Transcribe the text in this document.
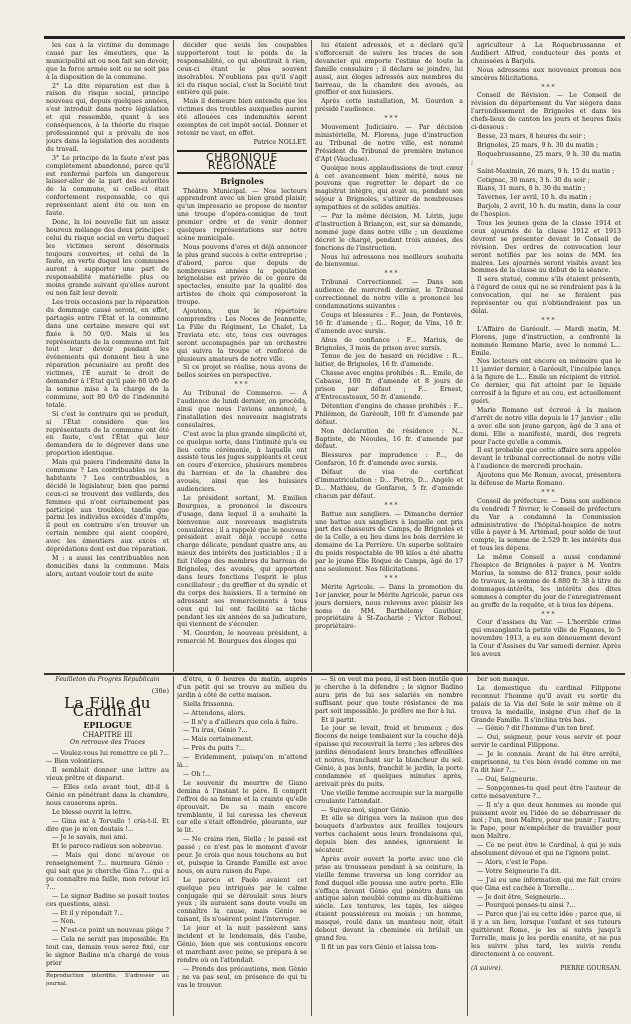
les cas à la victime du dommage causé par les émeutiers, que la municipalité ait ou non fait son devoir, que la force armée soit ou ne soit pas à la disposition de la commune.

2° La dite réparation est due à raison du risque social, principe nouveau qui, depuis quelques années, s'est introduit dans notre législation et qui ressemble, quant à ses conséquences, à la théorie du risque professionnel qui a prévalu de nos jours dans la législation des accidents du travail.

3° Le principe de la faute n'est pas complètement abandonné, parce qu'il est renfermé parfois un dangereux laisser-aller de la part des autorités de la commune, si celle-ci était confortement responsable, ce qui représentant aient été ou non en faute.

Donc, la loi nouvelle fait un assez heureux mélange des deux principes : celui du risque social en vertu duquel les victimes seront désormais toujours couvertes, et celui de la faute, en vertu duquel les communes auront à supporter une part de responsabilité matérielle plus ou moins grande suivant qu'elles auront ou non fait leur devoir.

Les trois occasions par la réparation du dommage causé seront, en effet, partagés entre l'État et la commune dans une certaine mesure qui est fixée à 50 0/0. Mais si les représentants de la commune ont fait tout leur devoir pendant les événements qui donnent lieu à une réparation pécuniaire au profit des victimes, l'É aurait le droit de demander à l'État qu'il paie 60 0/0 de la somme mise à la charge de la commune, soit 80 0/0 de l'indemnité totale.

Si c'est le contraire qui se produit, si l'État considère que les représentants de la commune ont été en faute, c'est l'État qui leur demandera de le dégrever dans une proportion identique.

Mais qui paiera l'indemnité dans la commune ? Les contribuables ou les habitants ? Les contribuables, a décidé le législateur, bien que parmi ceux-ci se trouvent des veillards, des femmes qui n'ont certainement pas participé aux troubles, tandis que parmi les individus excédés d'impôts, il peut en contraire s'en trouver un certain nombre qui aient coopéré, avec les émeutiers aux excès et déprédations dont est due réparation.

M : a aussi les contribuables non domiciliés dans la commune. Mais alors, autant vouloir tout de suite

décider que seuls les coupables supporteront tout le poids de la responsabilité, ce qui aboutirait à rien, ceux-ci étant le plus souvent insolvables. N'oublions pas qu'il s'agit ici du risque social, c'est la Société tout entière qui paie.

Mais il demeure bien entendu que les victimes des troubles auxquelles auront été allouées ces indemnités seront exemptes de cet impôt social. Donner et retenir ne vaut, en effet.

Patrice NOLLET.
CHRONIQUE RÉGIONALE
Brignoles

Théâtre Municipal. — Nos lecteurs apprendront avec un bien grand plaisir, qu'un impresario se propose de monter une troupe d'opéra-comique de tout premier ordre et de venir donner quelques représentations sur notre scène municipale.

Nous pouvons d'ores et déjà annoncer le plus grand succès à cette entreprise ; d'abord, parce que depuis de nombreuses années la population brignolaise est privée de ce genre de spectacles, ensuite par la qualité des artistes de choix qui composeront la troupe.

Ajoutons, que le répertoire comprendra : Les Noces de Jeannette, La Fille du Régiment, Le Chalet, La Traviata etc. etc, tous ces ouvrages seront accompagnés par un orchestre qui suivra la troupe et renforcé de plusieurs amateurs de notre ville.

Si ce projet se réalise, nous avons de belles soirées en perspective.

***

Au Tribunal de Commerce. — A l'audience de lundi dernier, on procéda, ainsi que nous l'avions annoncé, à l'installation des nouveaux magistrats consulaires.

C'est avec la plus grande simplicité et, ce quelque sorte, dans l'intimité qu'a eu lieu cette cérémonie, à laquelle ont assisté tous les juges suppléants et ceux en cours d'exercice, plusieurs membres du barreau et de la chambre des avoués, ainsi que les huissiers audienciers.

Le président sortant, M. Emilien Bourgues, a prononcé le discours d'usage, dans lequel il a souhaité la bienvenue aux nouveaux magistrats consulaires ; il a rappelé que le nouveau président avait déjà occupé cette charge délicate, pendant quatre ans, au mieux des intérêts des justiciables ; il a fait l'éloge des membres du barreau de Brignoles, des avoués, qui apportent dans leurs fonctions l'esprit le plus conciliateur ; du greffier et du syndic et du corps des huissiers. Il a terminé en adressant ses remerciements à tous ceux qui lui ont facilité sa tâche pendant les six années de sa judicature, qui viennent de s'écouler.

M. Gourdon, le nouveau président, a remercié M. Bourgues des éloges qui

lui étaient adressés, et a déclaré qu'il s'efforcerait de suivre les traces de son devancier qui emporte l'estime de toute la famille consulaire ; il déclare se joindre, lui aussi, aux éloges adressés aux membres du barreau, de la chambre des avoués, au greffier et aux huissiers.

Après cette installation, M. Gourdon a présidé l'audience.

***

Mouvement Judiciaire. — Par décision ministérielle, M. Florens, juge d'instruction au Tribunal de notre ville, est nommé Président du Tribunal de première instance d'Apt (Vaucluse).

Quoique nous applaudissions de tout cœur à cet avancement bien mérité, nous ne pouvons que regretter le départ de ce magistrat intègre, qui avait su, pendant son séjour à Brignoles, s'attirer de nombreuses sympathies et de solides amitiés.

— Par la même décision, M. Lérin, juge d'instruction à Briançon, est, sur sa demande, nommé juge dans notre ville ; un deuxième décret le chargé, pendant trois années, des fonctions de l'instruction.

Nous lui adressons nos meilleurs souhaits de bienvenue.

***

Tribunal Correctionnel. — Dans son audience de mercredi dernier, le Tribunal correctionnel de notre ville a prononcé les condamnations suivantes :

Coups et blessures : F... Jean, de Pontevès, 16 fr. d'amende ; G... Roger, de Vins, 16 fr. d'amende avec sursis.

Abus de confiance : F... Marius, de Brignoles, 3 mois de prison avec sursis.

Tenue de jeu de hasard en récidive : R... laitier, de Brignoles, 16 fr. d'amende.

Chasse avec engins prohibés : R... Emile, de Cabasse, 100 fr. d'amende et 8 jours de prison par défaut ; F... Ernest, d'Entrecasteaux, 50 fr. d'amende.

Détention d'engins de chasse prohibés : F... Philémon, de Garéoult, 100 fr. d'amende par défaut.

Non déclaration de résidence : N... Baptiste, de Néoules, 16 fr. d'amende par défaut.

Blessures par imprudence : P..., de Gonfaron, 16 fr. d'amende avec sursis.

Défaut de visa de certificat d'immatriculation : D... Pietro, D... Angelo et D... Mathieu, de Gonfaron, 5 fr. d'amende chacun par défaut.

***

Battue aux sangliers. — Dimanche dernier une battue aux sangliers à laquelle ont pris part des chasseurs de Camps, de Brignoles et de la Celle, a eu lieu dans les bois derrière le domaine de La Perrière. Un superbe solitaire du poids respectable de 90 kilos a été abattu par le jeune Élie Roque de Camps, âgé de 17 ans seulement. Nos félicitations.

***

Mérite Agricole. — Dans la promotion du 1er janvier, pour le Mérite Agricole, parue ces jours derniers, nous relevons avec plaisir les noms de MM. Barthélemy Gauthier, propriétaire à St-Zacharie ; Victor Reboul, propriétaire-

agriculteur à La Roquebrussanne et Audibert Alfred, conducteur des ponts et chaussées à Barjols.

Nous adressons aux nouveaux promus nos sincères félicitations.

***

Conseil de Révision. — Le Conseil de révision du département du Var siégera dans l'arrondissement de Brignoles et dans les chefs-lieux de canton les jours et heures fixés ci-dessous :

Besse, 23 mars, 8 heures du soir ;

Brignoles, 25 mars, 9 h. 30 du matin ;

Roquebrussanne, 25 mars, 9 h. 30 du matin ;

Saint-Maximin, 26 mars, 9 h. 15 du matin ;

Cotignac, 30 mars, 3 h. 30 du soir ;

Rians, 31 mars, 8 h. 30 du matin ;

Tavernes, 1er avril, 10 h. du matin ;

Barjols, 2 avril, 10 h. du matin, dans la cour de l'hospice.

Tous les jeunes gens de la classe 1914 et ceux ajournés de la classe 1912 et 1913 devront se présenter devant le Conseil de révision. Des ordres de convocation leur seront notifiés par les soins de MM. les maires. Les ajournés seront visités avant les hommes de la classe au début de la séance.

Il sera statué, comme s'ils étaient présents, à l'égard de ceux qui ne se rendraient pas à la convocation, qui ne se feraient pas représenter ou qui n'obtiendraient pas un délai.

***

L'Affaire de Garéoult. — Mardi matin, M. Florens, juge d'instruction, a confronté la nommée Romano Marie, avec le nommé L... Emile.

Nos lecteurs ont encore en mémoire que le 11 janvier dernier, à Garéoult, l'inculpée lança à la figure de L... Emile un récipient de vitriol. Ce dernier, qui fut atteint par le liquide corrosif à la figure et au cou, est actuellement guéri.

Marie Romano est écroué à la maison d'arrêt de notre ville depuis le 17 janvier ; elle a avec elle son jeune garçon, âgé de 3 ans et demi. Elle a manifesté, mardi, des regrets pour l'acte qu'elle a commis.

Il est probable que cette affaire sera appelée devant le tribunal correctionnel de notre ville à l'audience de mercredi prochain.

Ajoutons que Me Roman, avocat, présentera la défense de Marie Romano.

***

Conseil de préfecture. — Dans son audience du vendredi 7 février, le Conseil de préfecture du Var a condamné la Commission administrative de l'hôpital-hospice de notre ville à payer à M. Artémad, pour solde de tout compte, la somme de 2.529 fr. les intérêts dus et tous les dépens.

Le même Conseil a aussi condamné l'hospice de Brignoles à payer à M. Ventre Marius, la somme de 812 francs, pour solde de travaux, la somme de 4.880 fr. 38 à titre de dommages-intérêts, les intérêts des dites sommes à compter du jour de l'enregistrement au greffe de la requête, et à tous les dépens.

***

Cour d'assises du Var. — L'horrible crime qui ensanglanta la petite ville de Figanes, le 5 novembre 1913, a eu son dénouement devant la Cour d'Assises du Var samedi dernier. Après les aveux

Feuilleton du Progrès Républicain
(30e)
La Fille du Cardinal
EPILOGUE
CHAPITRE III
On retrouve des Traces

— Voulez-vous lui remettre ce pli ?... — Bien volontiers.

Il semblait donner une lettre au vieux prêtre et disparut.

— Elles cela avant tout, dit-il à Génio en pénétrant dans la chambre, nous causerons après.

Le blessé ouvrit la lettre.

— Gina est à Torvallo ! cria-t-il. Et dire que je m'en doutais !...

— Je le savais, moi ami.

Et le paroco radieux son sobrevue.

— Mais qui donc m'avoue ce renseignement ?... murmura Génio : qui sait que je cherche Gina ?... qui a pu connaître ma faille, mon retour ici ?...

— Le signor Badino se posait toutes ces questions, ainsi.

— Et il y répondait ?...

— Non.

— N'est-ce point un nouveau piège ?

— Cela ne serait pas impossible. En tout cas, demain vous serez fixé, car le signor Badino m'a chargé de vous prier

Reproduction interdite. S'adresser au journal.

d'être, à 6 heures du matin, auprès d'un petit qui se trouve au milieu du jardin à côté de cette maison.

Siella frissonna.

— Attendons, alors.

— Il n'y a d'ailleurs que cela à faire.

— Tu iras, Génio ?...

— Mais certainement.

— Près du puits ?...

— Evidemment, puisqu'on m'attend là...

— Oh !...

Le souvenir du meurtre de Giano demina à l'instant le père. Il comprit l'effroi de sa femme et la crainte qu'elle éprouvait. De sa main encore tremblante, il lui caressa les cheveux car elle s'était effondrée, pleurante, sur le lit.

— Ne crains rien, Siella ; le passé est passé ; ce n'est pas le moment d'avoir peur. Je crois que nous touchons au but et, puisque la Grande Famille est avec nous, on aura raison du Pape.

Le paroco et Paolo avaient cet quelque peu intrigués par le calme conjugale qui se déroulait sous leurs yeux ; ils auraient sans doute voulu en connaître la cause, mais Génio se taisant, ils n'osèrent point l'interroger.

Le jour et la nuit passèrent sans incident et le lendemain, dès l'aube, Génio, bien que ses contusions encore et marchant avec peine, se prépara à se rendre où on l'attendait.

— Prends des précautions, mon Génio ; ne va pas seul, en présence de qui tu vas le trouver.

— Si on veut ma peau, il est bien inutile que je cherche à la défendre ; le signor Badino aura pris de lui ses salariés en nombre suffisant pour que toute résistance de ma part soit impossible. Je préfère me fier à lui.

Et il partit.

Le jour se levait, froid et brumeux ; des flocons de neige tombaient sur la couche déjà épaisse qui recouvrait la terre ; les arbres des jardins dénudaient leurs branches effeuillées et noires, tranchant sur la blancheur du sol. Génio, à pas lents, franchit le jardin, la porte condamnée et quelques minutes après, arrivait près du puits.

Une vieille femme accroupie sur la margelle croulante l'attendait.

— Suivez-moi, signor Génio.

Et elle se dirigea vers la maison que des bouquets d'arbustes aux feuilles toujours vertes cachaient sous leurs frondaisons qui, depuis bien des années, ignoraient le sécateur.

Après avoir ouvert la porte avec une clé prise au trousseau pendant à sa ceinture, la vieille femme traversa un long corridor au fond duquel elle poussa une autre porte. Elle s'effaça devant Génio qui pénétra dans un antique salon meublé comme au dix-huitième siècle. Les tentures, les tapis, les sièges étaient poussiéreux ou moisis ; un homme, masqué, roulé dans un manteau noir, était debout devant la cheminée où brûlait un grand feu.

Il fit un pas vers Génio et laissa tom-

ber son masque.

Le domestique du cardinal Filippone reconnut l'homme qu'il avait vu sortir du palais de la Via del Sole le soir même où il trouva la médaille, insigne d'un chef de la Grande Famille. Il s'inclina très bas.

— Génio ? dit l'homme d'un ton bref.

— Oui, seigneur, pour vous servir et pour servir le cardinal Filippone.

— Je le connais. Avant de lui être arrêté, emprisonné, tu t'es bien évadé comme on me l'a dit hier ?...

— Oui, Seigneurie.

— Sonpçonnes-tu quel peut être l'auteur de cette mésaventure ?...

— Il n'y a que deux hommes au monde qui puissent avoir eu l'idée de se débarrasser de moi ; l'un, mon Maître, pour me punir ; l'autre, le Pape, pour m'empêcher de travailler pour mon Maître.

— Ce ne peut être le Cardinal, à qui je suis absolument dévoué et qui ne l'ignore point.

— Alors, c'est le Pape.

— Votre Seigneurie l'a dit.

— J'ai eu une information qui me fait croire que Gina est cachée à Torrelle...

— Je doit être, Seigneurie...

— Pourquoi penses-tu ainsi ?...

— Parce que j'ai eu cette idée ; parce que, si il y a un lieu, lorsque l'enfant et ses tuteurs quittèrent Rome, je les ai suivis jusqu'à Torrelle, mais je les perdis ensuite, et ne pus les suivre plus tard, les suivis rendu directement à ce couvent.

(A suivre).	PIERRE GOURSAN.
